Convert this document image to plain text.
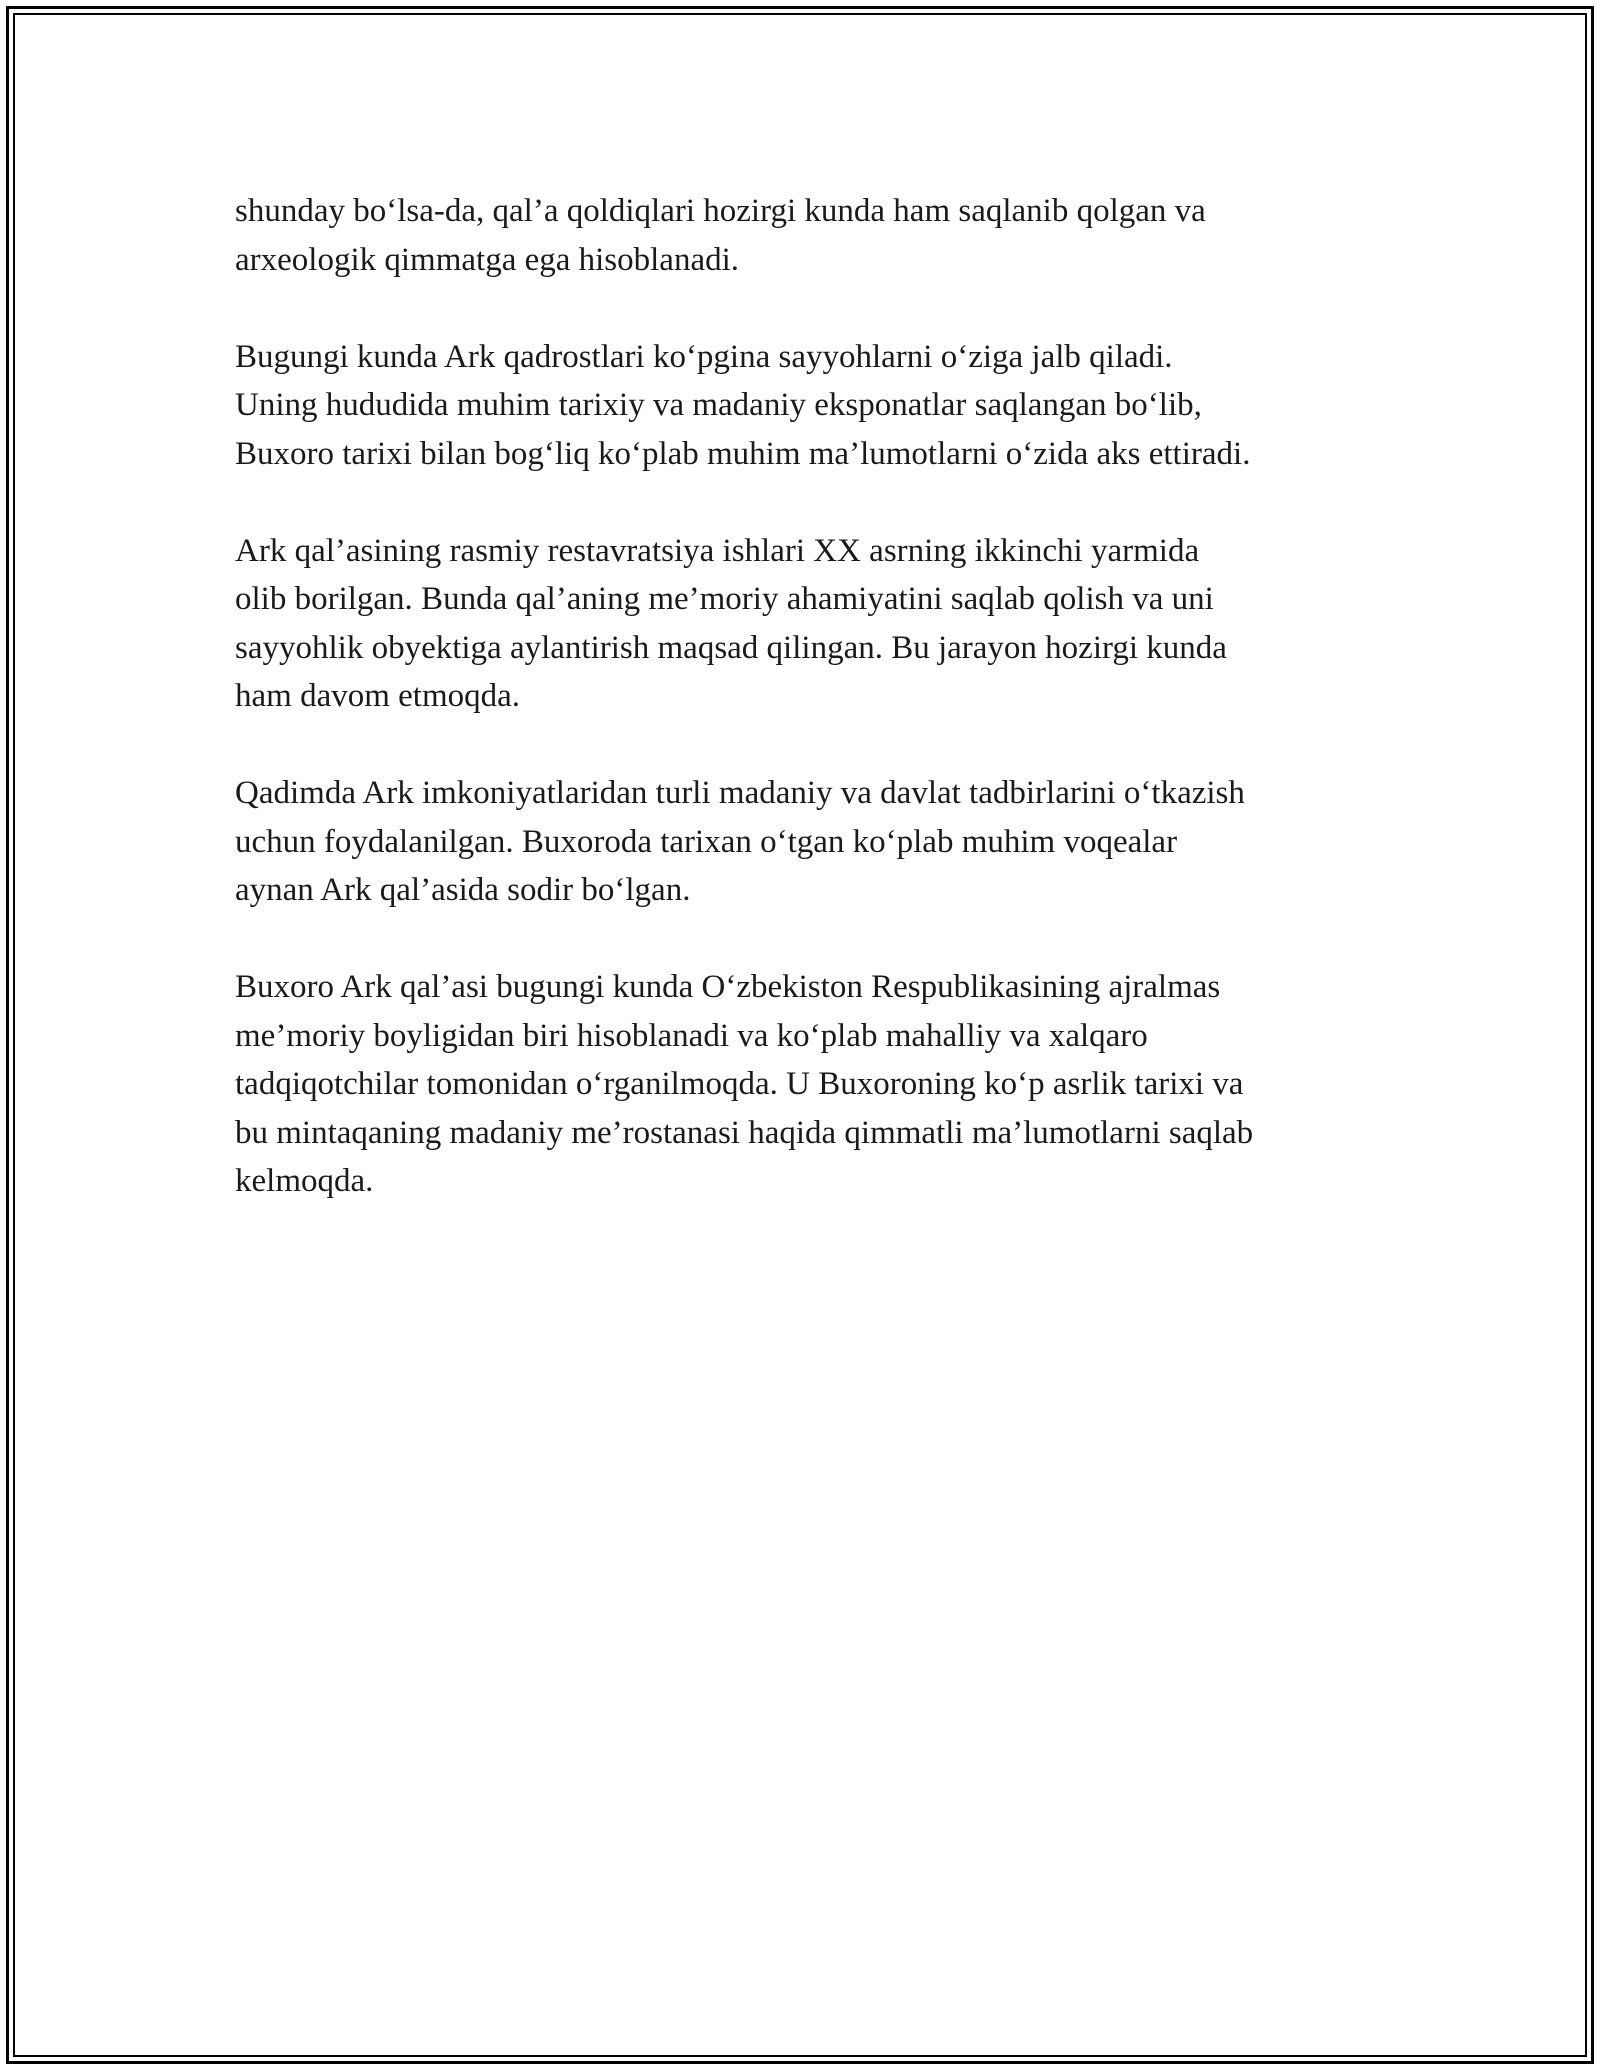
shunday bo‘lsa-da, qal’a qoldiqlari hozirgi kunda ham saqlanib qolgan va
arxeologik qimmatga ega hisoblanadi.

Bugungi kunda Ark qadrostlari ko‘pgina sayyohlarni o‘ziga jalb qiladi.
Uning hududida muhim tarixiy va madaniy eksponatlar saqlangan bo‘lib,
Buxoro tarixi bilan bog‘liq ko‘plab muhim ma’lumotlarni o‘zida aks ettiradi.

Ark qal’asining rasmiy restavratsiya ishlari XX asrning ikkinchi yarmida
olib borilgan. Bunda qal’aning me’moriy ahamiyatini saqlab qolish va uni
sayyohlik obyektiga aylantirish maqsad qilingan. Bu jarayon hozirgi kunda
ham davom etmoqda.

Qadimda Ark imkoniyatlaridan turli madaniy va davlat tadbirlarini o‘tkazish
uchun foydalanilgan. Buxoroda tarixan o‘tgan ko‘plab muhim voqealar
aynan Ark qal’asida sodir bo‘lgan.

Buxoro Ark qal’asi bugungi kunda O‘zbekiston Respublikasining ajralmas
me’moriy boyligidan biri hisoblanadi va ko‘plab mahalliy va xalqaro
tadqiqotchilar tomonidan o‘rganilmoqda. U Buxoroning ko‘p asrlik tarixi va
bu mintaqaning madaniy me’rostanasi haqida qimmatli ma’lumotlarni saqlab
kelmoqda.
